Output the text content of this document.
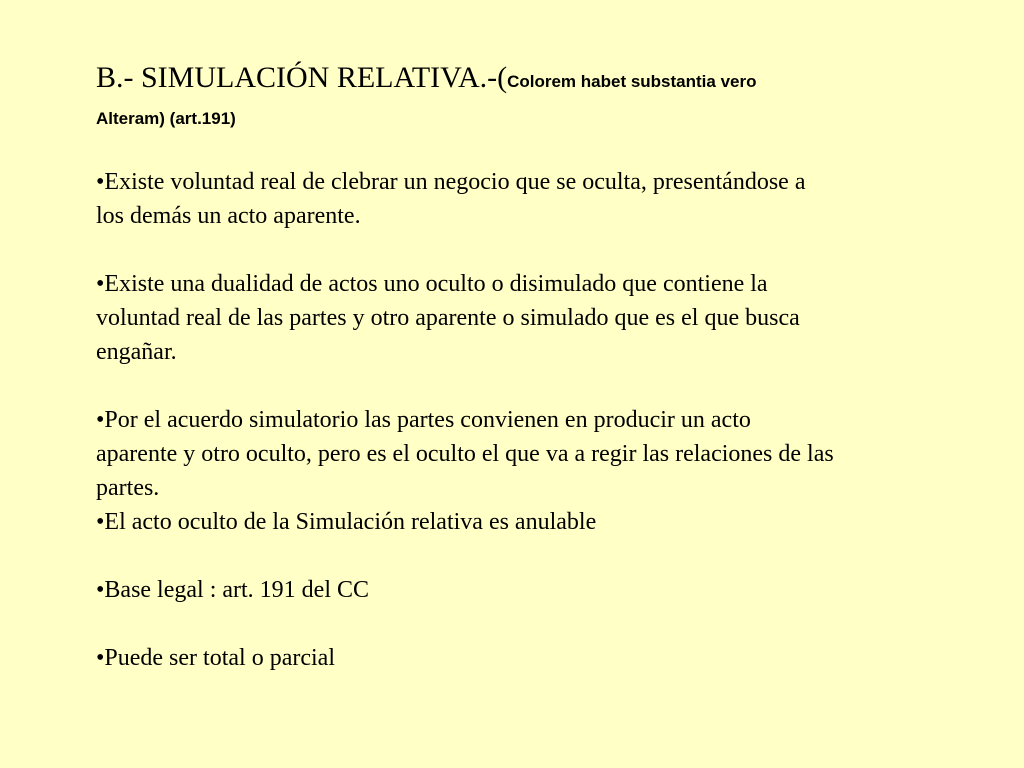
B.- SIMULACIÓN RELATIVA.-(Colorem habet substantia vero
Alteram) (art.191)

•Existe voluntad real de clebrar un negocio que se oculta, presentándose a
los demás un acto aparente.

•Existe una dualidad de actos uno oculto o disimulado que contiene la
voluntad real de las partes y otro aparente o simulado que es el que busca
engañar.

•Por el acuerdo simulatorio las partes convienen en producir un acto
aparente y otro oculto, pero es el oculto el que va a regir las relaciones de las
partes.

•El acto oculto de la Simulación relativa es anulable

•Base legal : art. 191 del CC

•Puede ser total o parcial
